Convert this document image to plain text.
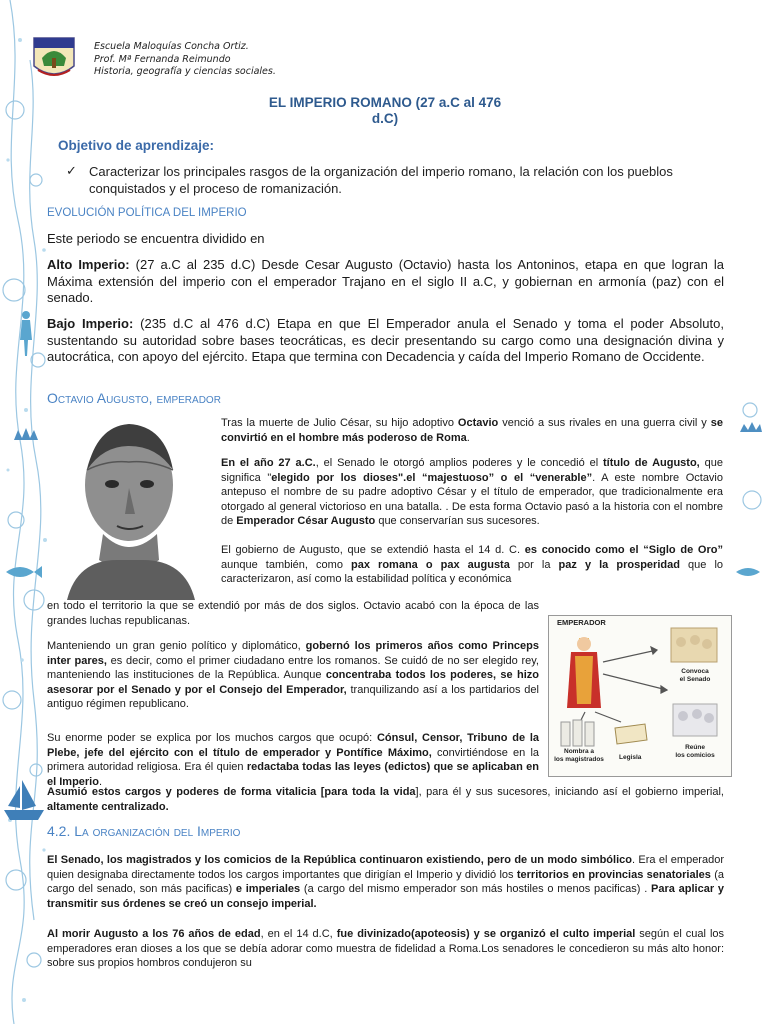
Escuela Maloquías Concha Ortiz.
Prof. Mª Fernanda Reimundo
Historia, geografía y ciencias sociales.
EL IMPERIO ROMANO (27 a.C al 476
d.C)
Objetivo de aprendizaje:
✓ Caracterizar los principales rasgos de la organización del imperio romano, la relación con los pueblos conquistados y el proceso de romanización.
EVOLUCIÓN POLÍTICA DEL IMPERIO
Este periodo se encuentra dividido en
Alto Imperio: (27 a.C al 235 d.C) Desde Cesar Augusto (Octavio) hasta los Antoninos, etapa en que logran la Máxima extensión del imperio con el emperador Trajano en el siglo II a.C, y gobiernan en armonía (paz) con el senado.
Bajo Imperio: (235 d.C al 476 d.C) Etapa en que El Emperador anula el Senado y toma el poder Absoluto, sustentando su autoridad sobre bases teocráticas, es decir presentando su cargo como una designación divina y autocrática, con apoyo del ejército. Etapa que termina con Decadencia y caída del Imperio Romano de Occidente.
Octavio Augusto, emperador
Tras la muerte de Julio César, su hijo adoptivo Octavio venció a sus rivales en una guerra civil y se convirtió en el hombre más poderoso de Roma.
En el año 27 a.C., el Senado le otorgó amplios poderes y le concedió el título de Augusto, que significa "elegido por los dioses".el “majestuoso” o el “venerable”. A este nombre Octavio antepuso el nombre de su padre adoptivo César y el título de emperador, que tradicionalmente era otorgado al general victorioso en una batalla. . De esta forma Octavio pasó a la historia con el nombre de Emperador César Augusto que conservarían sus sucesores.
El gobierno de Augusto, que se extendió hasta el 14 d. C. es conocido como el “Siglo de Oro” aunque también, como pax romana o pax augusta por la paz y la prosperidad que lo caracterizaron, así como la estabilidad política y económica
en todo el territorio la que se extendió por más de dos siglos. Octavio acabó con la época de las grandes luchas republicanas.
Manteniendo un gran genio político y diplomático, gobernó los primeros años como Princeps inter pares, es decir, como el primer ciudadano entre los romanos. Se cuidó de no ser elegido rey, manteniendo las instituciones de la República. Aunque concentraba todos los poderes, se hizo asesorar por el Senado y por el Consejo del Emperador, tranquilizando así a los partidarios del antiguo régimen republicano.
Su enorme poder se explica por los muchos cargos que ocupó: Cónsul, Censor, Tribuno de la Plebe, jefe del ejército con el título de emperador y Pontífice Máximo, convirtiéndose en la primera autoridad religiosa. Era él quien redactaba todas las leyes (edictos) que se aplicaban en el Imperio.
Asumió estos cargos y poderes de forma vitalicia [para toda la vida], para él y sus sucesores, iniciando así el gobierno imperial, altamente centralizado.
EMPERADOR
Convoca
el Senado
Nombra a
los magistrados	Legisla
Reúne
los comicios
4.2. La organización del Imperio
El Senado, los magistrados y los comicios de la República continuaron existiendo, pero de un modo simbólico. Era el emperador quien designaba directamente todos los cargos importantes que dirigían el Imperio y dividió los territorios en provincias senatoriales (a cargo del senado, son más pacificas) e imperiales (a cargo del mismo emperador son más hostiles o menos pacificas) . Para aplicar y transmitir sus órdenes se creó un consejo imperial.
Al morir Augusto a los 76 años de edad, en el 14 d.C, fue divinizado(apoteosis) y se organizó el culto imperial según el cual los emperadores eran dioses a los que se debía adorar como muestra de fidelidad a Roma.Los senadores le concedieron su más alto honor: sobre sus propios hombros condujeron su
